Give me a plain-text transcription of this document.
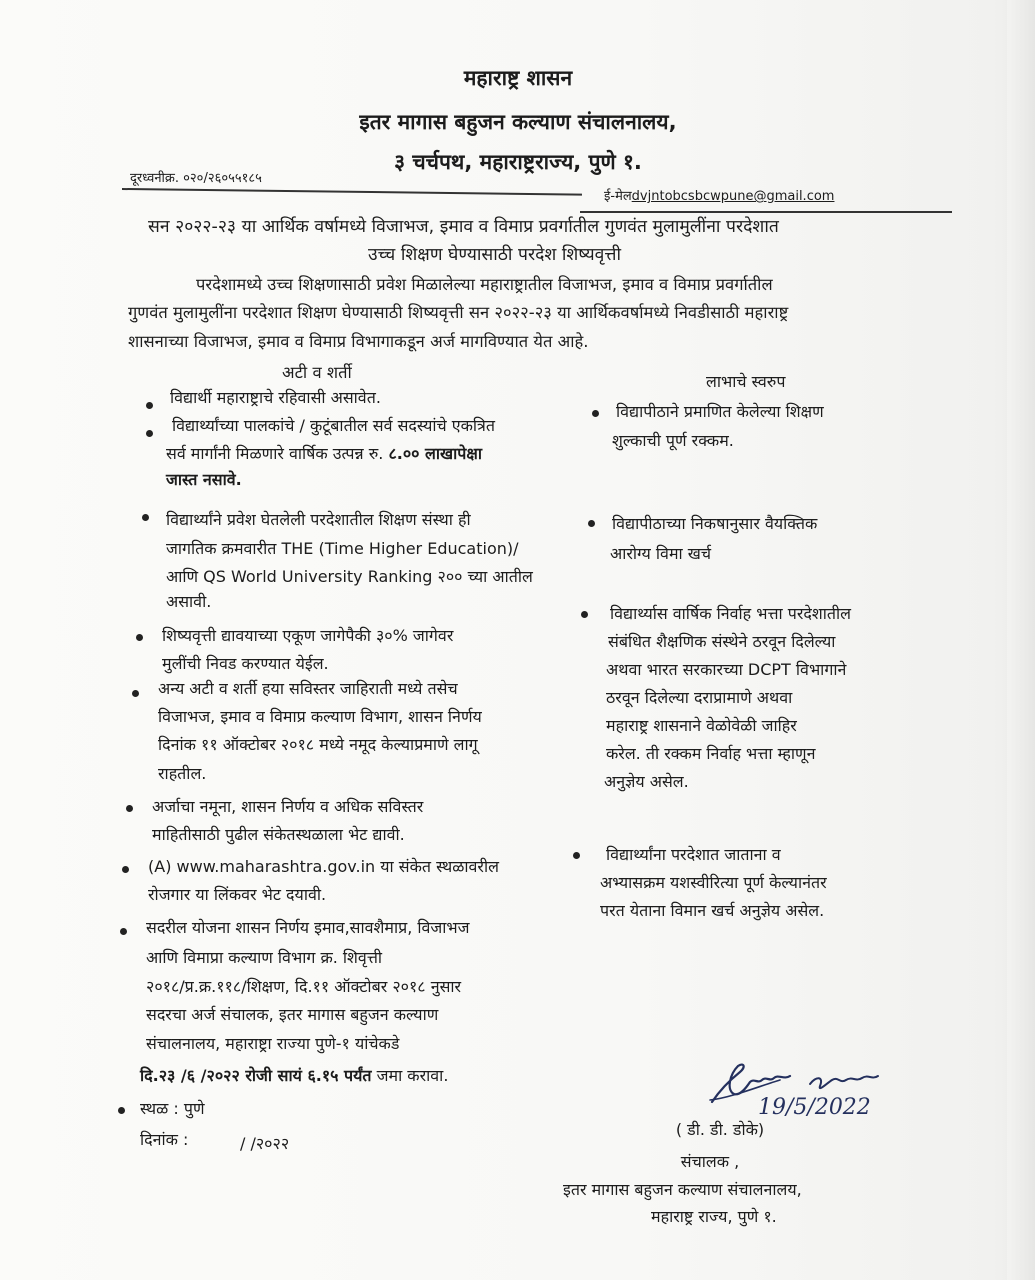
महाराष्ट्र शासन
इतर मागास बहुजन कल्याण संचालनालय,
३ चर्चपथ, महाराष्ट्रराज्य, पुणे १.
दूरध्वनीक्र. ०२०/२६०५५१८५
ई-मेलdvjntobcsbcwpune@gmail.com
सन २०२२-२३ या आर्थिक वर्षामध्ये विजाभज, इमाव व विमाप्र प्रवर्गातील गुणवंत मुलामुलींना परदेशात
उच्च शिक्षण घेण्यासाठी परदेश शिष्यवृत्ती
परदेशामध्ये उच्च शिक्षणासाठी प्रवेश मिळालेल्या महाराष्ट्रातील विजाभज, इमाव व विमाप्र प्रवर्गातील
गुणवंत मुलामुलींना परदेशात शिक्षण घेण्यासाठी शिष्यवृत्ती सन २०२२-२३ या आर्थिकवर्षामध्ये निवडीसाठी महाराष्ट्र
शासनाच्या विजाभज, इमाव व विमाप्र विभागाकडून अर्ज मागविण्यात येत आहे.
अटी व शर्ती
विद्यार्थी महाराष्ट्राचे रहिवासी असावेत.
विद्यार्थ्यांच्या पालकांचे / कुटूंबातील सर्व सदस्यांचे एकत्रित
सर्व मार्गांनी मिळणारे वार्षिक उत्पन्न रु. ८.०० लाखापेक्षा
जास्त नसावे.
विद्यार्थ्यांने प्रवेश घेतलेली परदेशातील शिक्षण संस्था ही
जागतिक क्रमवारीत THE (Time Higher Education)/
आणि QS World University Ranking २०० च्या आतील
असावी.
शिष्यवृत्ती द्यावयाच्या एकूण जागेपैकी ३०% जागेवर
मुलींची निवड करण्यात येईल.
अन्य अटी व शर्ती हया सविस्तर जाहिराती मध्ये तसेच
विजाभज, इमाव व विमाप्र कल्याण विभाग, शासन निर्णय
दिनांक ११ ऑक्टोबर २०१८ मध्ये नमूद केल्याप्रमाणे लागू
राहतील.
अर्जाचा नमूना, शासन निर्णय व अधिक सविस्तर
माहितीसाठी पुढील संकेतस्थळाला भेट द्यावी.
(A) www.maharashtra.gov.in या संकेत स्थळावरील
रोजगार या लिंकवर भेट दयावी.
सदरील योजना शासन निर्णय इमाव,सावशैमाप्र, विजाभज
आणि विमाप्रा कल्याण विभाग क्र. शिवृत्ती
२०१८/प्र.क्र.११८/शिक्षण, दि.११ ऑक्टोबर २०१८ नुसार
सदरचा अर्ज संचालक, इतर मागास बहुजन कल्याण
संचालनालय, महाराष्ट्रा राज्या पुणे-१ यांचेकडे
दि.२३ /६ /२०२२ रोजी सायं ६.१५ पर्यंत जमा करावा.
स्थळ : पुणे
दिनांक :	/ /२०२२
लाभाचे स्वरुप
विद्यापीठाने प्रमाणित केलेल्या शिक्षण
शुल्काची पूर्ण रक्कम.
विद्यापीठाच्या निकषानुसार वैयक्तिक
आरोग्य विमा खर्च
विद्यार्थ्यास वार्षिक निर्वाह भत्ता परदेशातील
संबंधित शैक्षणिक संस्थेने ठरवून दिलेल्या
अथवा भारत सरकारच्या DCPT विभागाने
ठरवून दिलेल्या दराप्रामाणे अथवा
महाराष्ट्र शासनाने वेळोवेळी जाहिर
करेल. ती रक्कम निर्वाह भत्ता म्हाणून
अनुज्ञेय असेल.
विद्यार्थ्यांना परदेशात जाताना व
अभ्यासक्रम यशस्वीरित्या पूर्ण केल्यानंतर
परत येताना विमान खर्च अनुज्ञेय असेल.
19/5/2022
( डी. डी. डोके)
संचालक ,
इतर मागास बहुजन कल्याण संचालनालय,
महाराष्ट्र राज्य, पुणे १.
